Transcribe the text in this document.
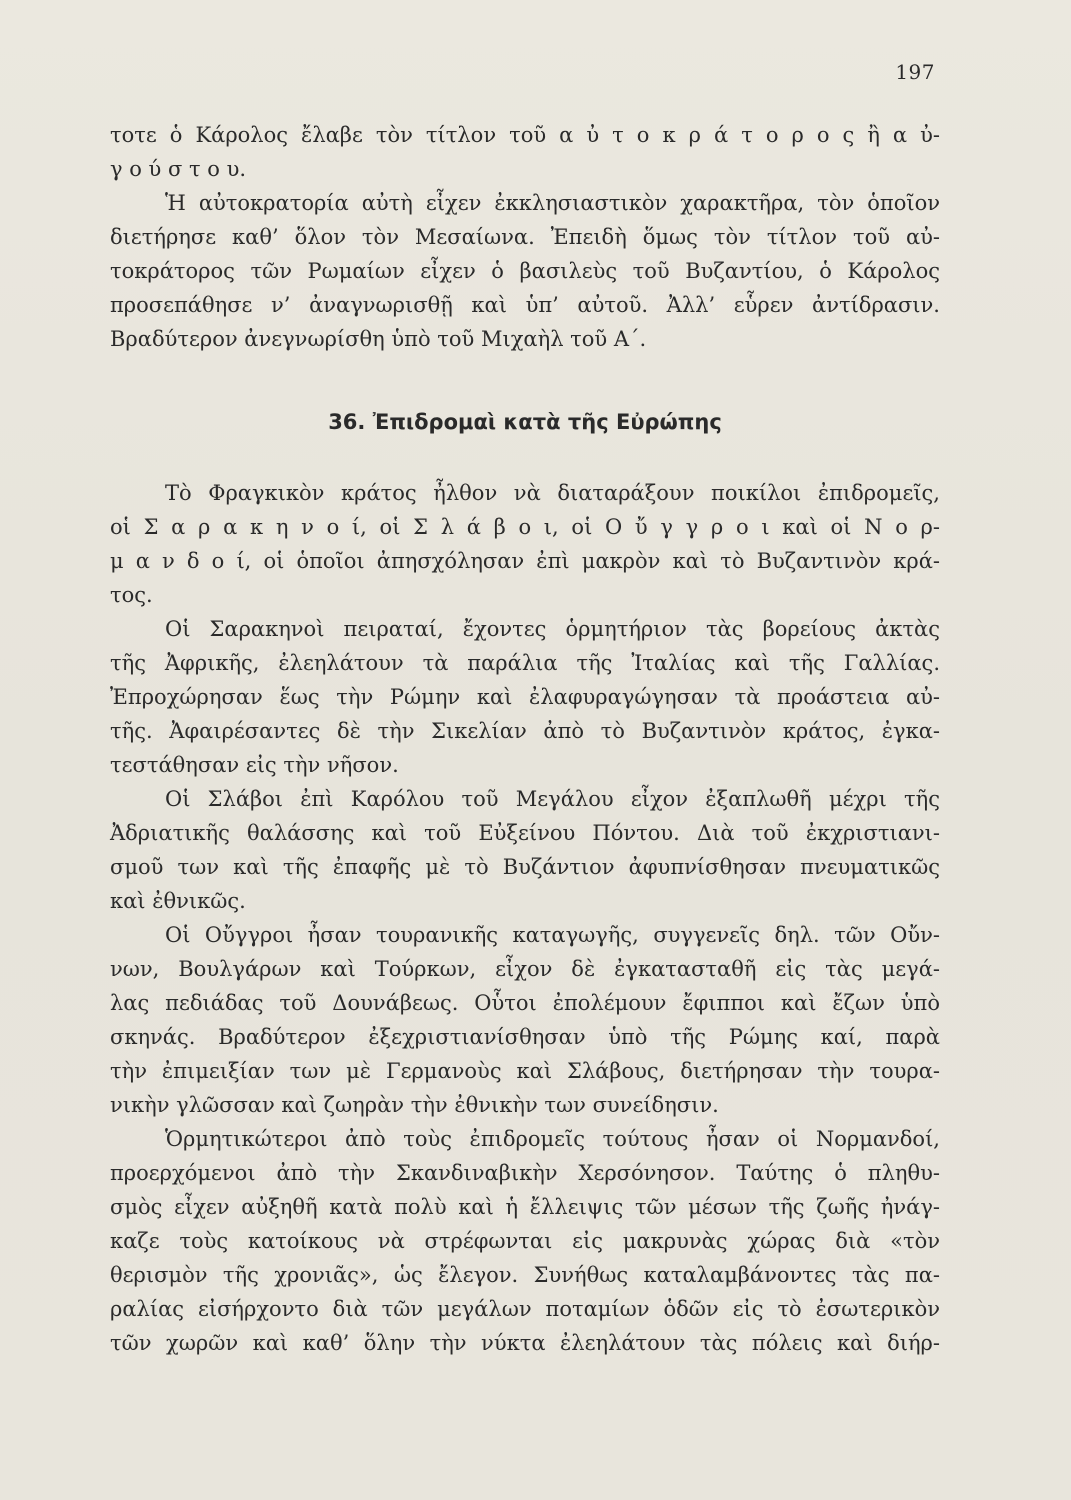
197
τοτε ὁ Κάρολος ἔλαβε τὸν τίτλον τοῦ α ὐ τ ο κ ρ ά τ ο ρ ο ς ἢ α ὐ-
γ ο ύ σ τ ο υ.
Ἡ αὐτοκρατορία αὐτὴ εἶχεν ἐκκλησιαστικὸν χαρακτῆρα, τὸν ὁποῖον
διετήρησε καθ’ ὅλον τὸν Μεσαίωνα. Ἐπειδὴ ὅμως τὸν τίτλον τοῦ αὐ-
τοκράτορος τῶν Ρωμαίων εἶχεν ὁ βασιλεὺς τοῦ Βυζαντίου, ὁ Κάρολος
προσεπάθησε ν’ ἀναγνωρισθῇ καὶ ὑπ’ αὐτοῦ. Ἀλλ’ εὗρεν ἀντίδρασιν.
Βραδύτερον ἀνεγνωρίσθη ὑπὸ τοῦ Μιχαὴλ τοῦ Α΄.
36. Ἐπιδρομαὶ κατὰ τῆς Εὐρώπης
Τὸ Φραγκικὸν κράτος ἦλθον νὰ διαταράξουν ποικίλοι ἐπιδρομεῖς,
οἱ Σ α ρ α κ η ν ο ί, οἱ Σ λ ά β ο ι, οἱ Ο ὔ γ γ ρ ο ι καὶ οἱ Ν ο ρ-
μ α ν δ ο ί, οἱ ὁποῖοι ἀπησχόλησαν ἐπὶ μακρὸν καὶ τὸ Βυζαντινὸν κρά-
τος.
Οἱ Σαρακηνοὶ πειραταί, ἔχοντες ὁρμητήριον τὰς βορείους ἀκτὰς
τῆς Ἀφρικῆς, ἐλεηλάτουν τὰ παράλια τῆς Ἰταλίας καὶ τῆς Γαλλίας.
Ἐπροχώρησαν ἕως τὴν Ρώμην καὶ ἐλαφυραγώγησαν τὰ προάστεια αὐ-
τῆς. Ἀφαιρέσαντες δὲ τὴν Σικελίαν ἀπὸ τὸ Βυζαντινὸν κράτος, ἐγκα-
τεστάθησαν εἰς τὴν νῆσον.
Οἱ Σλάβοι ἐπὶ Καρόλου τοῦ Μεγάλου εἶχον ἐξαπλωθῆ μέχρι τῆς
Ἀδριατικῆς θαλάσσης καὶ τοῦ Εὐξείνου Πόντου. Διὰ τοῦ ἐκχριστιανι-
σμοῦ των καὶ τῆς ἐπαφῆς μὲ τὸ Βυζάντιον ἀφυπνίσθησαν πνευματικῶς
καὶ ἐθνικῶς.
Οἱ Οὔγγροι ἦσαν τουρανικῆς καταγωγῆς, συγγενεῖς δηλ. τῶν Οὔν-
νων, Βουλγάρων καὶ Τούρκων, εἶχον δὲ ἐγκατασταθῆ εἰς τὰς μεγά-
λας πεδιάδας τοῦ Δουνάβεως. Οὗτοι ἐπολέμουν ἔφιπποι καὶ ἔζων ὑπὸ
σκηνάς. Βραδύτερον ἐξεχριστιανίσθησαν ὑπὸ τῆς Ρώμης καί, παρὰ
τὴν ἐπιμειξίαν των μὲ Γερμανοὺς καὶ Σλάβους, διετήρησαν τὴν τουρα-
νικὴν γλῶσσαν καὶ ζωηρὰν τὴν ἐθνικὴν των συνείδησιν.
Ὁρμητικώτεροι ἀπὸ τοὺς ἐπιδρομεῖς τούτους ἦσαν οἱ Νορμανδοί,
προερχόμενοι ἀπὸ τὴν Σκανδιναβικὴν Χερσόνησον. Ταύτης ὁ πληθυ-
σμὸς εἶχεν αὐξηθῆ κατὰ πολὺ καὶ ἡ ἔλλειψις τῶν μέσων τῆς ζωῆς ἠνάγ-
καζε τοὺς κατοίκους νὰ στρέφωνται εἰς μακρυνὰς χώρας διὰ «τὸν
θερισμὸν τῆς χρονιᾶς», ὡς ἔλεγον. Συνήθως καταλαμβάνοντες τὰς πα-
ραλίας εἰσήρχοντο διὰ τῶν μεγάλων ποταμίων ὁδῶν εἰς τὸ ἐσωτερικὸν
τῶν χωρῶν καὶ καθ’ ὅλην τὴν νύκτα ἐλεηλάτουν τὰς πόλεις καὶ διήρ-
